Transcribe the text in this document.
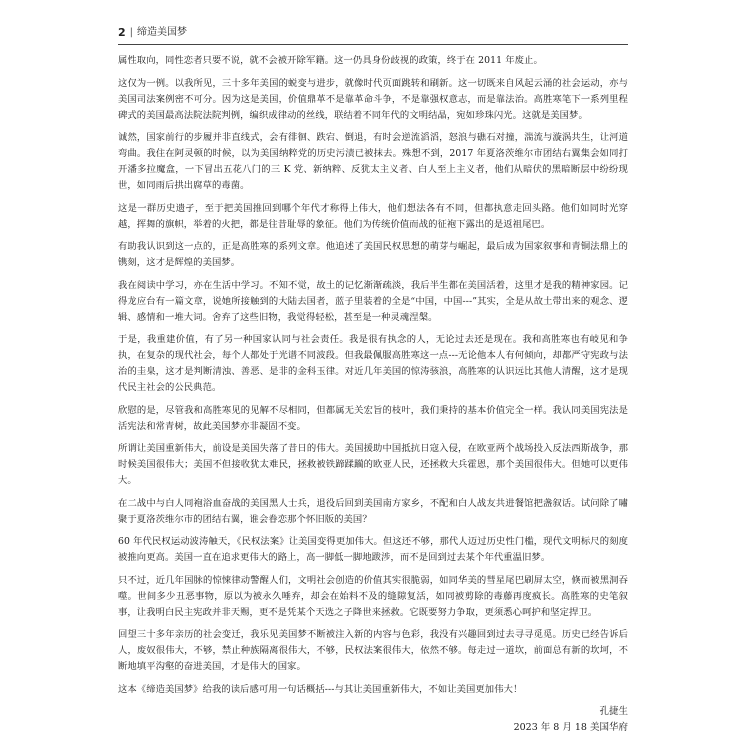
2 | 缔造美国梦

属性取向，同性恋者只要不说，就不会被开除军籍。这一仍具身份歧视的政策，终于在 2011 年废止。

这仅为一例。以我所见，三十多年美国的蜕变与进步，就像时代页面跳转和刷新。这一切既来自风起云涌的社会运动，亦与美国司法案例密不可分。因为这是美国，价值鼎革不是靠革命斗争，不是靠强权意志，而是靠法治。高胜寒笔下一系列里程碑式的美国最高法院法院判例，编织成律动的丝线，联结着不同年代的文明结晶，宛如珍珠闪光。这就是美国梦。

诚然，国家前行的步履并非直线式，会有徘徊、跌宕、倒退，有时会逆流滔滔，怒浪与礁石对撞，湍流与漩涡共生，让河道弯曲。我住在阿灵顿的时候，以为美国纳粹党的历史污渍已被抹去。殊想不到，2017 年夏洛茨维尔市团结右翼集会如同打开潘多拉魔盒，一下冒出五花八门的三 K 党、新纳粹、反犹太主义者、白人至上主义者，他们从暗伏的黑暗断层中纷纷现世，如同雨后拱出腐草的毒菌。

这是一群历史遗孑，至于把美国推回到哪个年代才称得上伟大，他们想法各有不同，但都执意走回头路。他们如同时光穿越，挥舞的旗帜，举着的火把，都是往昔耻辱的象征。他们为传统价值而战的征袍下露出的是返祖尾巴。

有助我认识到这一点的，正是高胜寒的系列文章。他追述了美国民权思想的萌芽与崛起，最后成为国家叙事和青铜法鼎上的镌刻，这才是辉煌的美国梦。

我在阅读中学习，亦在生活中学习。不知不觉，故土的记忆渐渐疏淡，我后半生都在美国活着，这里才是我的精神家园。记得龙应台有一篇文章，说她所接触到的大陆去国者，蓝子里装着的全是“中国，中国---”其实，全是从故土带出来的观念、逻辑、感情和一堆大词。舍弃了这些旧物，我觉得轻松，甚至是一种灵魂涅槃。

于是，我重建价值，有了另一种国家认同与社会责任。我是很有执念的人，无论过去还是现在。我和高胜寒也有岐见和争执，在复杂的现代社会，每个人都处于光谱不同波段。但我最佩服高胜寒这一点---无论他本人有何倾向，却都严守宪政与法治的圭臬，这才是判断清浊、善恶、是非的金科玉律。对近几年美国的惊涛骇浪，高胜寒的认识远比其他人清醒，这才是现代民主社会的公民典范。

欣慰的是，尽管我和高胜寒见的见解不尽相同，但都属无关宏旨的枝叶，我们秉持的基本价值完全一样。我认同美国宪法是活宪法和常青树，故此美国梦亦非凝固不变。

所谓让美国重新伟大，前设是美国失落了昔日的伟大。美国援助中国抵抗日寇入侵，在欧亚两个战场投入反法西斯战争，那时候美国很伟大；美国不但接收犹太难民，拯救被铁蹄蹂躏的欧亚人民，还拯救大兵霍恩，那个美国很伟大。但她可以更伟大。

在二战中与白人同袍浴血奋战的美国黑人士兵，退役后回到美国南方家乡，不配和白人战友共进餐馆把盏叙话。试问除了嘯聚于夏洛茨维尔市的团结右翼，谁会眷恋那个怀旧版的美国？

60 年代民权运动波涛触天，《民权法案》让美国变得更加伟大。但这还不够，那代人迈过历史性门槛，现代文明标尺的刻度被推向更高。美国一直在追求更伟大的路上，高一脚低一脚地跋涉，而不是回到过去某个年代重温旧梦。

只不过，近几年国脉的惊悚律动警醒人们，文明社会创造的价值其实很脆弱，如同华美的彗星尾巴刷屏太空，倏而被黑洞吞噬。世间多少丑恶事物，原以为被永久唾弃，却会在始料不及的缝隙复活，如同被剪除的毒藤再度疯长。高胜寒的史笔叙事，让我明白民主宪政并非天赐，更不是凭某个天选之子降世来拯救。它既要努力争取，更须悉心呵护和坚定捍卫。

回望三十多年亲历的社会变迁，我乐见美国梦不断被注入新的内容与色彩，我没有兴趣回到过去寻寻觅觅。历史已经告诉后人，废奴很伟大，不够，禁止种族隔离很伟大，不够，民权法案很伟大，依然不够。每走过一道坎，前面总有新的坎坷，不断地填平沟壑的奋进美国，才是伟大的国家。

这本《缔造美国梦》给我的读后感可用一句话概括---与其让美国重新伟大，不如让美国更加伟大！

孔捷生
2023 年 8 月 18 美国华府
